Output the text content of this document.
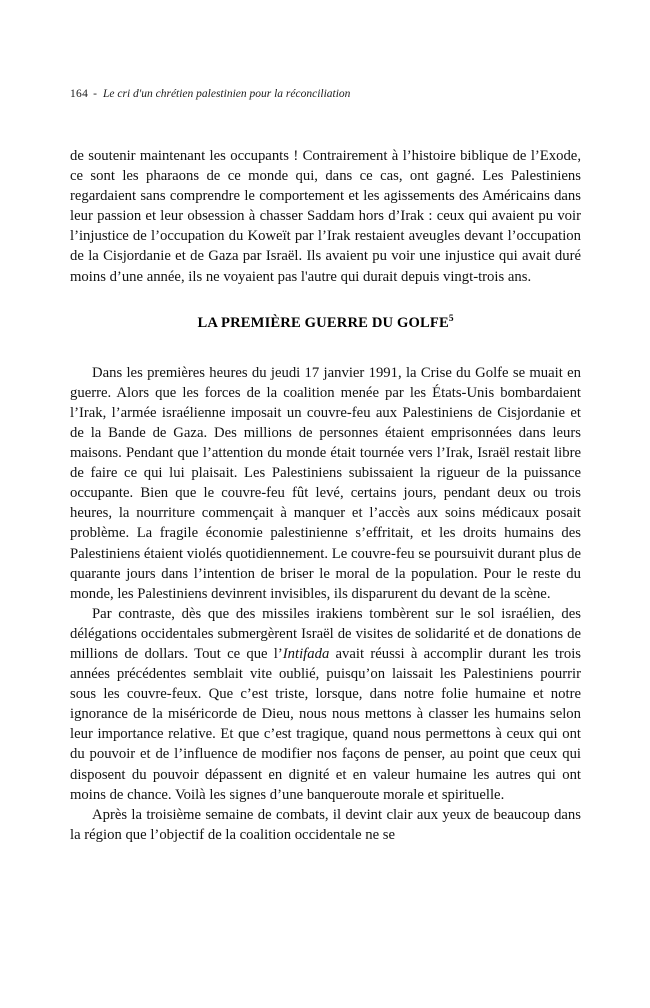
164 - Le cri d'un chrétien palestinien pour la réconciliation

de soutenir maintenant les occupants ! Contrairement à l’histoire biblique de l’Exode, ce sont les pharaons de ce monde qui, dans ce cas, ont gagné. Les Palestiniens regardaient sans comprendre le comportement et les agissements des Américains dans leur passion et leur obsession à chasser Saddam hors d’Irak : ceux qui avaient pu voir l’injustice de l’occupation du Koweït par l’Irak restaient aveugles devant l’occupation de la Cisjordanie et de Gaza par Israël. Ils avaient pu voir une injustice qui avait duré moins d’une année, ils ne voyaient pas l'autre qui durait depuis vingt-trois ans.

LA PREMIÈRE GUERRE DU GOLFE$^5$

Dans les premières heures du jeudi 17 janvier 1991, la Crise du Golfe se muait en guerre. Alors que les forces de la coalition menée par les États-Unis bombardaient l’Irak, l’armée israélienne imposait un couvre-feu aux Palestiniens de Cisjordanie et de la Bande de Gaza. Des millions de personnes étaient emprisonnées dans leurs maisons. Pendant que l’attention du monde était tournée vers l’Irak, Israël restait libre de faire ce qui lui plaisait. Les Palestiniens subissaient la rigueur de la puissance occupante. Bien que le couvre-feu fût levé, certains jours, pendant deux ou trois heures, la nourriture commençait à manquer et l’accès aux soins médicaux posait problème. La fragile économie palestinienne s’effritait, et les droits humains des Palestiniens étaient violés quotidiennement. Le couvre-feu se poursuivit durant plus de quarante jours dans l’intention de briser le moral de la population. Pour le reste du monde, les Palestiniens devinrent invisibles, ils disparurent du devant de la scène.

Par contraste, dès que des missiles irakiens tombèrent sur le sol israélien, des délégations occidentales submergèrent Israël de visites de solidarité et de donations de millions de dollars. Tout ce que l’Intifada avait réussi à accomplir durant les trois années précédentes semblait vite oublié, puisqu’on laissait les Palestiniens pourrir sous les couvre-feux. Que c’est triste, lorsque, dans notre folie humaine et notre ignorance de la miséricorde de Dieu, nous nous mettons à classer les humains selon leur importance relative. Et que c’est tragique, quand nous permettons à ceux qui ont du pouvoir et de l’influence de modifier nos façons de penser, au point que ceux qui disposent du pouvoir dépassent en dignité et en valeur humaine les autres qui ont moins de chance. Voilà les signes d’une banqueroute morale et spirituelle.

Après la troisième semaine de combats, il devint clair aux yeux de beaucoup dans la région que l’objectif de la coalition occidentale ne se
